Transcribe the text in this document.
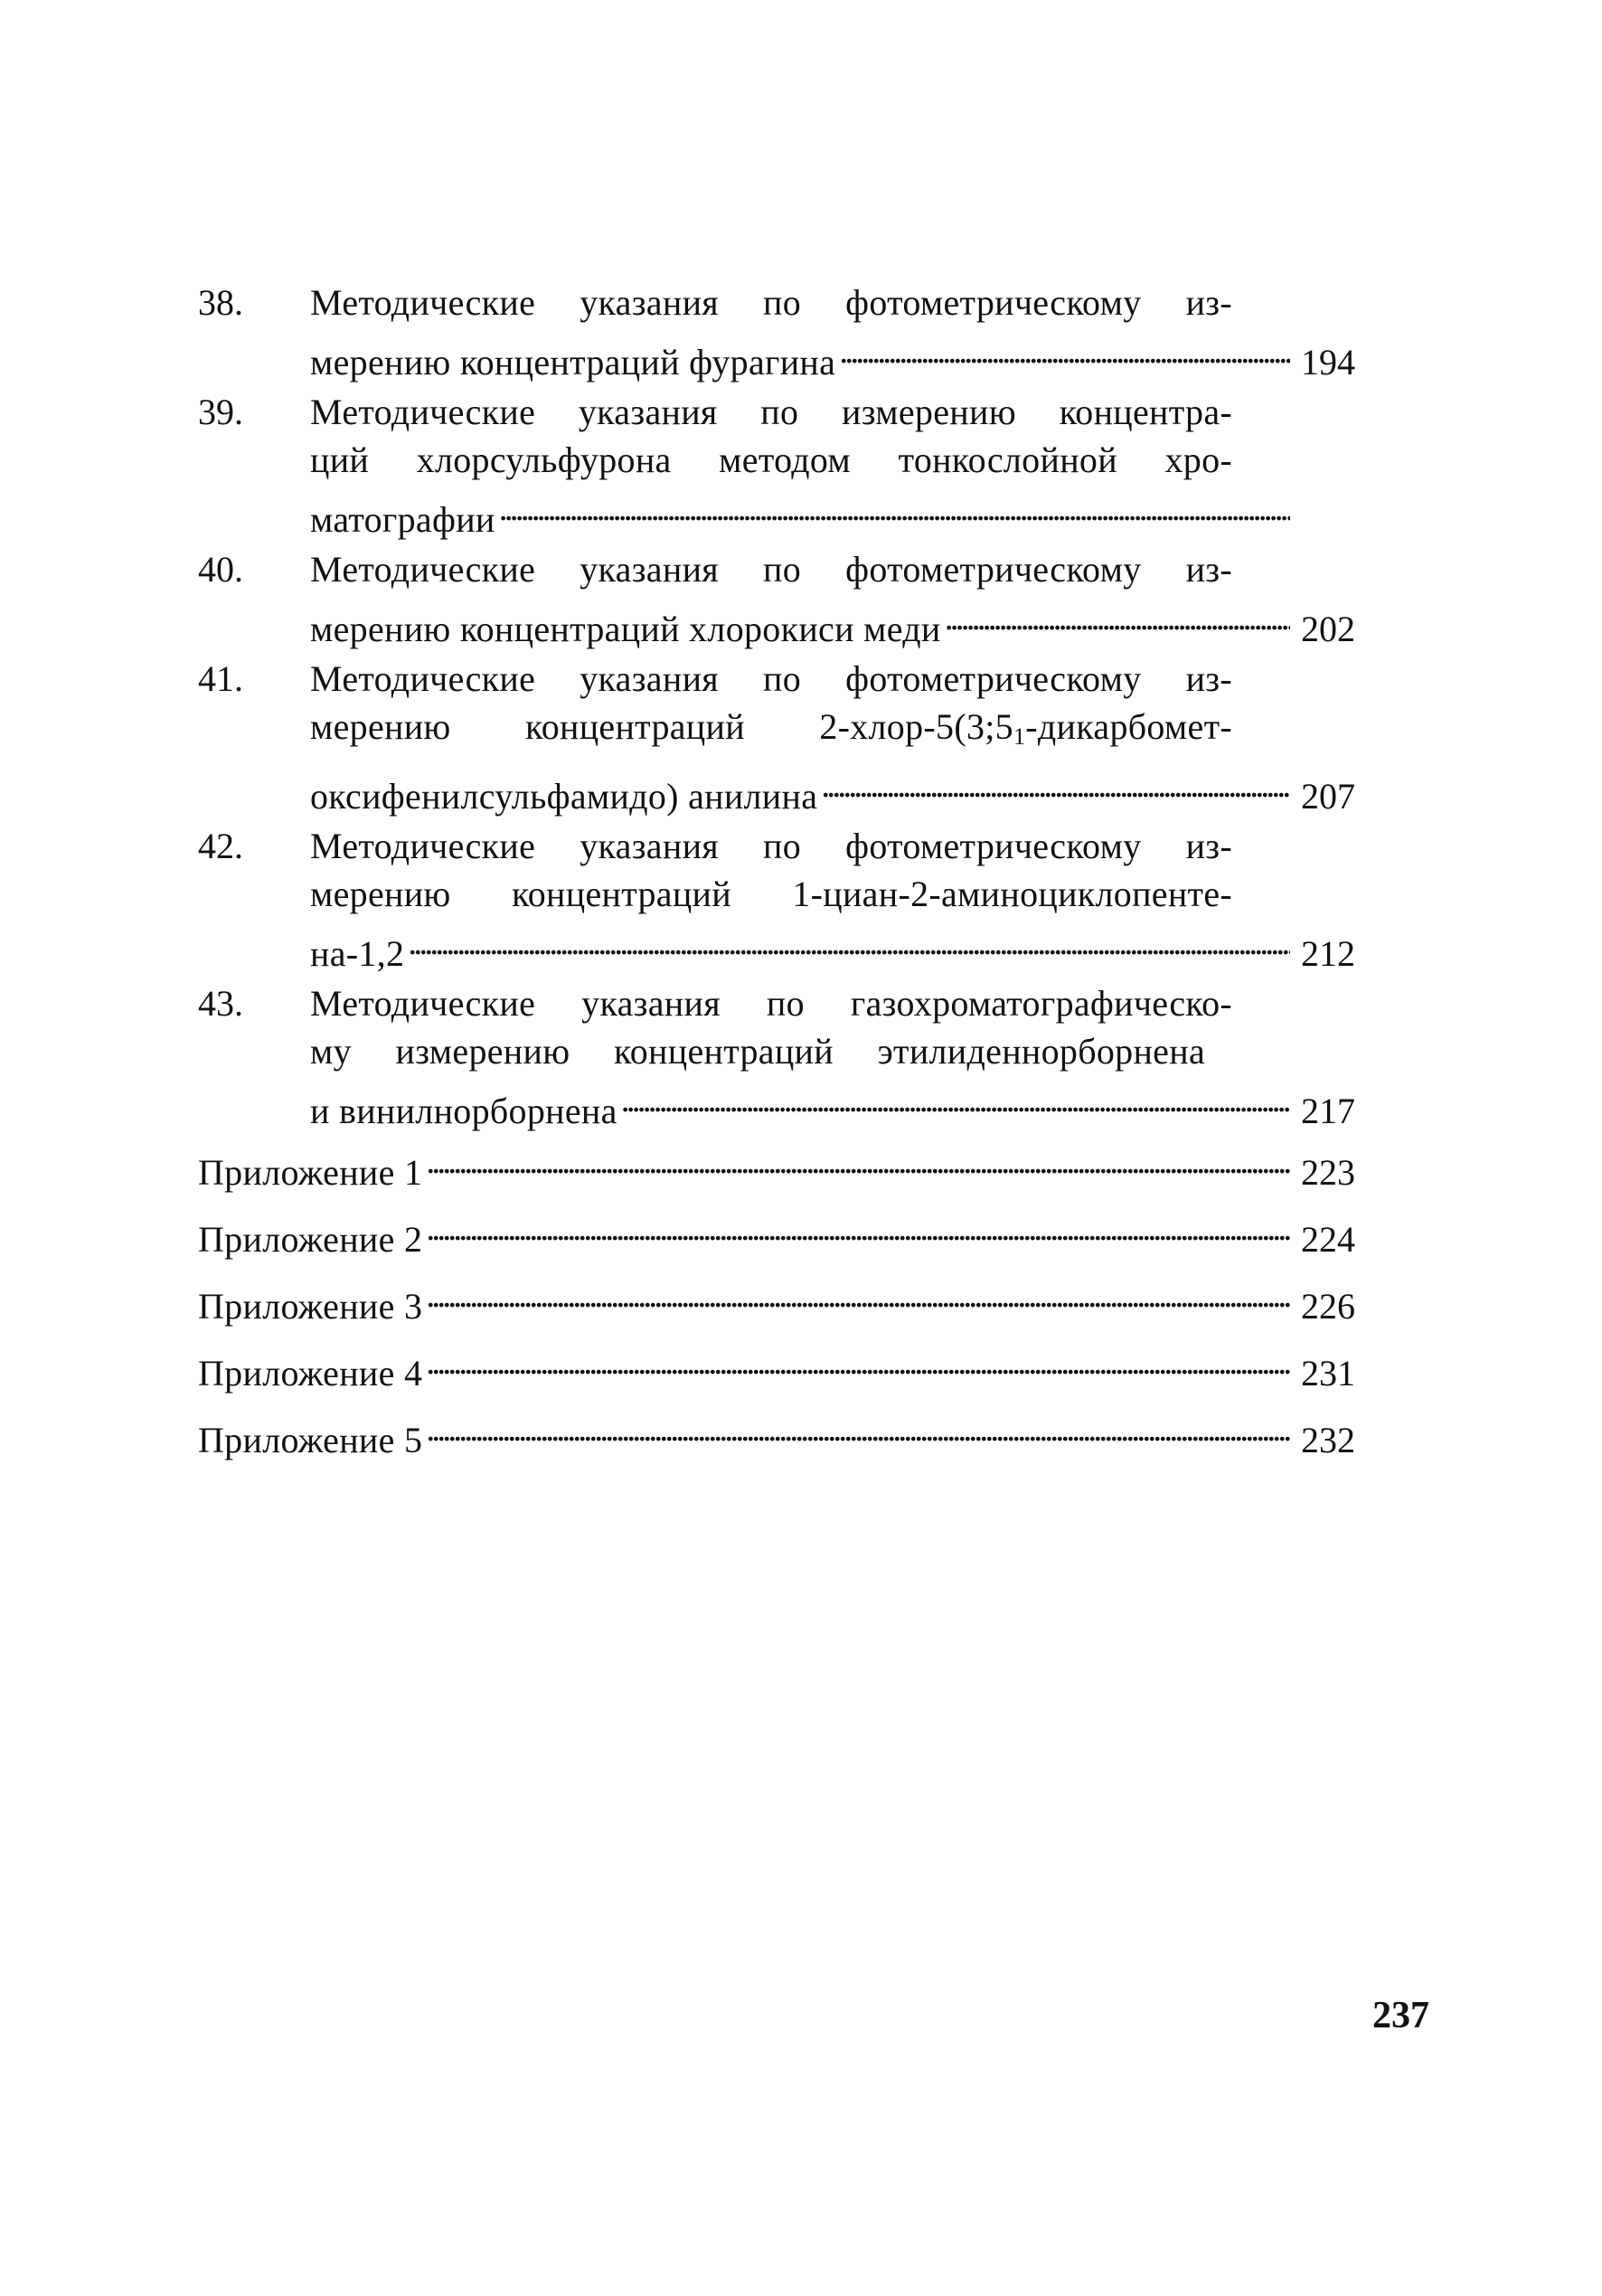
38.	Методические указания по фотометрическому из-
мерению концентраций фурагина . . .	194
39.	Методические указания по измерению концентра-
ций хлорсульфурона методом тонкослойной хро-
матографии
. . .
40.	Методические указания по фотометрическому из-
мерению концентраций хлорокиси меди . . .	202
41.	Методические указания по фотометрическому из-
мерению концентраций $2-хлор-5(3;5_1-дикарбомет-$
оксифенилсульфамидо) анилина . . .	207
42.	Методические указания по фотометрическому из-
мерению концентраций 1-циан-2-аминоциклопенте-
на-1,2 . . .	212
43.	Методические указания по газохроматографическо-
му измерению концентраций этилиденнорборнена
и винилнорборнена . . .	217
Приложение 1 . . .	223
Приложение 2 . . .	224
Приложение 3 . . .	226
Приложение 4 . . .	231
Приложение 5 . . .	232
237
